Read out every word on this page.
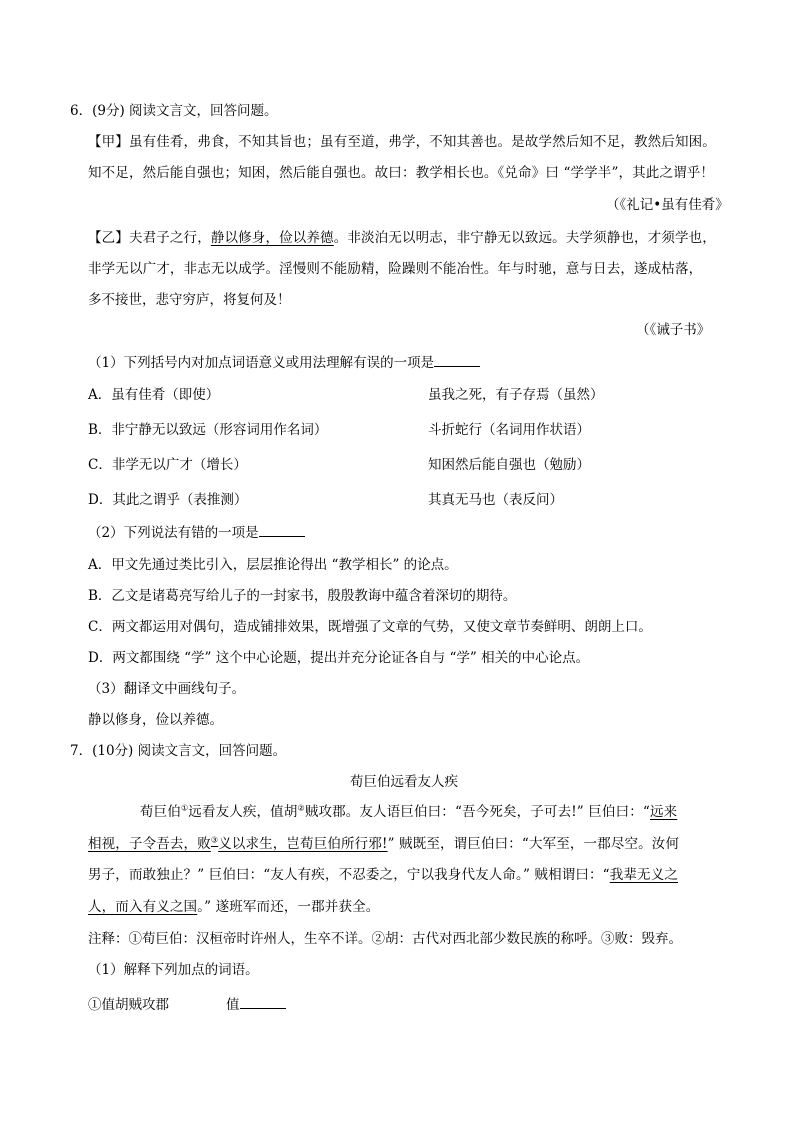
6．(9分) 阅读文言文，回答问题。
【甲】虽有佳肴，弗食，不知其旨也；虽有至道，弗学，不知其善也。是故学然后知不足，教然后知困。
知不足，然后能自强也；知困，然后能自强也。故曰：教学相长也。《兑命》曰 “学学半”，其此之谓乎！
（《礼记•虽有佳肴》
【乙】夫君子之行，静以修身，俭以养德。非淡泊无以明志，非宁静无以致远。夫学须静也，才须学也，
非学无以广才，非志无以成学。淫慢则不能励精，险躁则不能冶性。年与时驰，意与日去，遂成枯落，
多不接世，悲守穷庐，将复何及！
（《诫子书》
（1）下列括号内对加点词语意义或用法理解有误的一项是
A．虽有佳肴（即使）	虽我之死，有子存焉（虽然）
B．非宁静无以致远（形容词用作名词）	斗折蛇行（名词用作状语）
C．非学无以广才（增长）	知困然后能自强也（勉励）
D．其此之谓乎（表推测）	其真无马也（表反问）
（2）下列说法有错的一项是
A．甲文先通过类比引入，层层推论得出 “教学相长” 的论点。
B．乙文是诸葛亮写给儿子的一封家书，殷殷教诲中蕴含着深切的期待。
C．两文都运用对偶句，造成铺排效果，既增强了文章的气势，又使文章节奏鲜明、朗朗上口。
D．两文都围绕 “学” 这个中心论题，提出并充分论证各自与 “学” 相关的中心论点。
（3）翻译文中画线句子。
静以修身，俭以养德。
7．(10分) 阅读文言文，回答问题。
荀巨伯远看友人疾
荀巨伯①远看友人疾，值胡②贼攻郡。友人语巨伯曰：“吾今死矣，子可去!” 巨伯曰：“远来
相视，子令吾去，败③义以求生，岂荀巨伯所行邪!” 贼既至，谓巨伯曰：“大军至，一郡尽空。汝何
男子，而敢独止？” 巨伯曰：“友人有疾，不忍委之，宁以我身代友人命。” 贼相谓曰：“我辈无义之
人，而入有义之国。” 遂班军而还，一郡并获全。
注释：①荀巨伯：汉桓帝时许州人，生卒不详。②胡：古代对西北部少数民族的称呼。③败：毁弃。
（1）解释下列加点的词语。
①值胡贼攻郡	值
